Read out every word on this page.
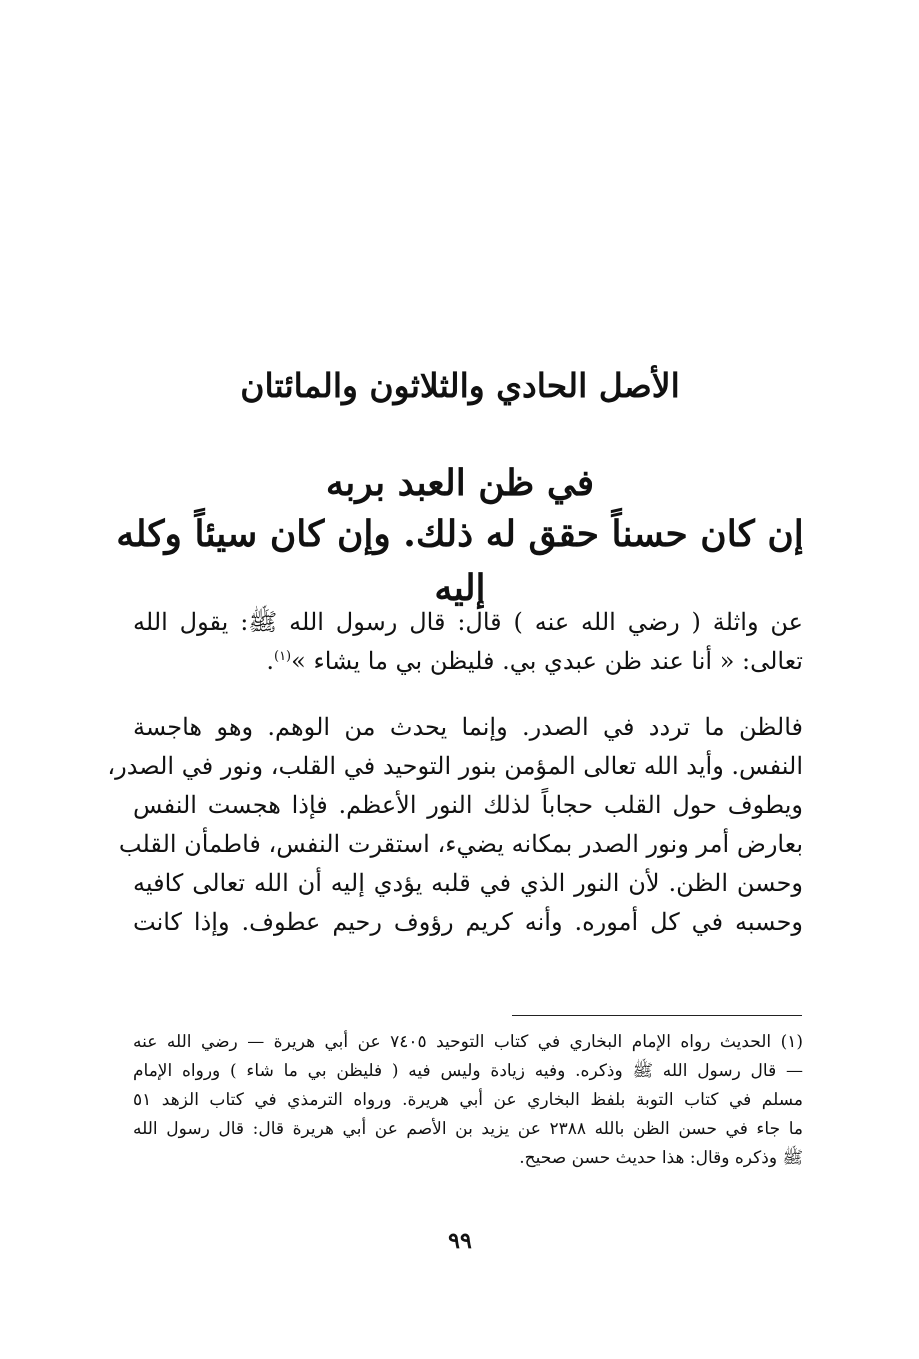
الأصل الحادي والثلاثون والمائتان
في ظن العبد بربه
إن كان حسناً حقق له ذلك. وإن كان سيئاً وكله إليه

عن واثلة ( رضي الله عنه ) قال: قال رسول الله ﷺ: يقول الله
تعالى: « أنا عند ظن عبدي بي. فليظن بي ما يشاء »$^{(١)}$.

فالظن ما تردد في الصدر. وإنما يحدث من الوهم. وهو هاجسة
النفس. وأيد الله تعالى المؤمن بنور التوحيد في القلب، ونور في الصدر،
ويطوف حول القلب حجاباً لذلك النور الأعظم. فإذا هجست النفس
بعارض أمر ونور الصدر بمكانه يضيء، استقرت النفس، فاطمأن القلب
وحسن الظن. لأن النور الذي في قلبه يؤدي إليه أن الله تعالى كافيه
وحسبه في كل أموره. وأنه كريم رؤوف رحيم عطوف. وإذا كانت

(١) الحديث رواه الإمام البخاري في كتاب التوحيد ٧٤٠٥ عن أبي هريرة — رضي الله عنه
— قال رسول الله ﷺ وذكره. وفيه زيادة وليس فيه ( فليظن بي ما شاء ) ورواه الإمام
مسلم في كتاب التوبة بلفظ البخاري عن أبي هريرة. ورواه الترمذي في كتاب الزهد ٥١
ما جاء في حسن الظن بالله ٢٣٨٨ عن يزيد بن الأصم عن أبي هريرة قال: قال رسول الله
ﷺ وذكره وقال: هذا حديث حسن صحيح.
٩٩
